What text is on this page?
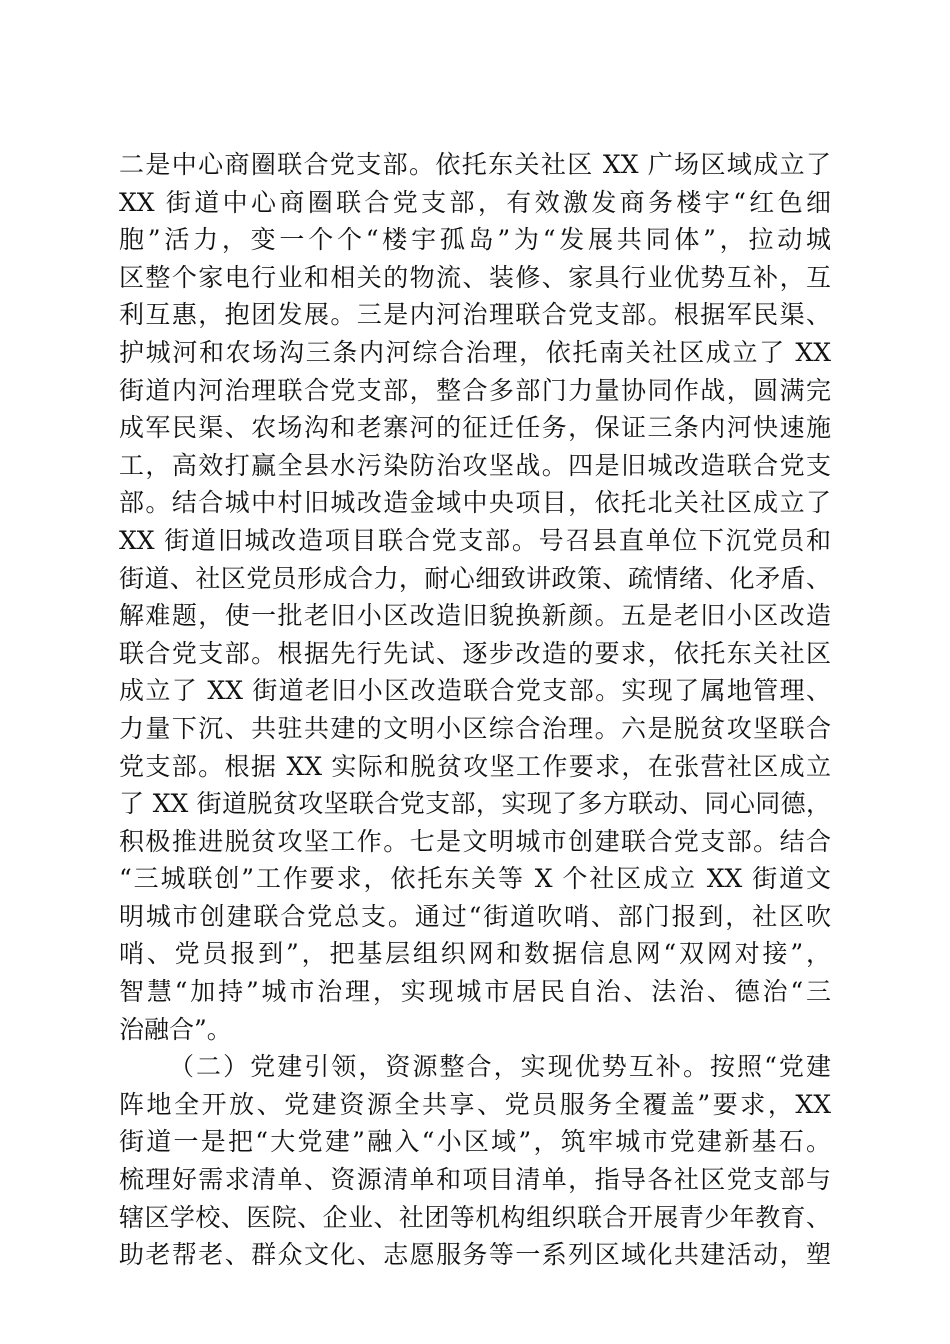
二是中心商圈联合党支部。依托东关社区 XX 广场区域成立了
XX 街道中心商圈联合党支部，有效激发商务楼宇“红色细
胞”活力，变一个个“楼宇孤岛”为“发展共同体”，拉动城
区整个家电行业和相关的物流、装修、家具行业优势互补，互
利互惠，抱团发展。三是内河治理联合党支部。根据军民渠、
护城河和农场沟三条内河综合治理，依托南关社区成立了 XX
街道内河治理联合党支部，整合多部门力量协同作战，圆满完
成军民渠、农场沟和老寨河的征迁任务，保证三条内河快速施
工，高效打赢全县水污染防治攻坚战。四是旧城改造联合党支
部。结合城中村旧城改造金域中央项目，依托北关社区成立了
XX 街道旧城改造项目联合党支部。号召县直单位下沉党员和
街道、社区党员形成合力，耐心细致讲政策、疏情绪、化矛盾、
解难题，使一批老旧小区改造旧貌换新颜。五是老旧小区改造
联合党支部。根据先行先试、逐步改造的要求，依托东关社区
成立了 XX 街道老旧小区改造联合党支部。实现了属地管理、
力量下沉、共驻共建的文明小区综合治理。六是脱贫攻坚联合
党支部。根据 XX 实际和脱贫攻坚工作要求，在张营社区成立
了 XX 街道脱贫攻坚联合党支部，实现了多方联动、同心同德，
积极推进脱贫攻坚工作。七是文明城市创建联合党支部。结合
“三城联创”工作要求，依托东关等 X 个社区成立 XX 街道文
明城市创建联合党总支。通过“街道吹哨、部门报到，社区吹
哨、党员报到”，把基层组织网和数据信息网“双网对接”，
智慧“加持”城市治理，实现城市居民自治、法治、德治“三
治融合”。
（二）党建引领，资源整合，实现优势互补。按照“党建
阵地全开放、党建资源全共享、党员服务全覆盖”要求，XX
街道一是把“大党建”融入“小区域”，筑牢城市党建新基石。
梳理好需求清单、资源清单和项目清单，指导各社区党支部与
辖区学校、医院、企业、社团等机构组织联合开展青少年教育、
助老帮老、群众文化、志愿服务等一系列区域化共建活动，塑
